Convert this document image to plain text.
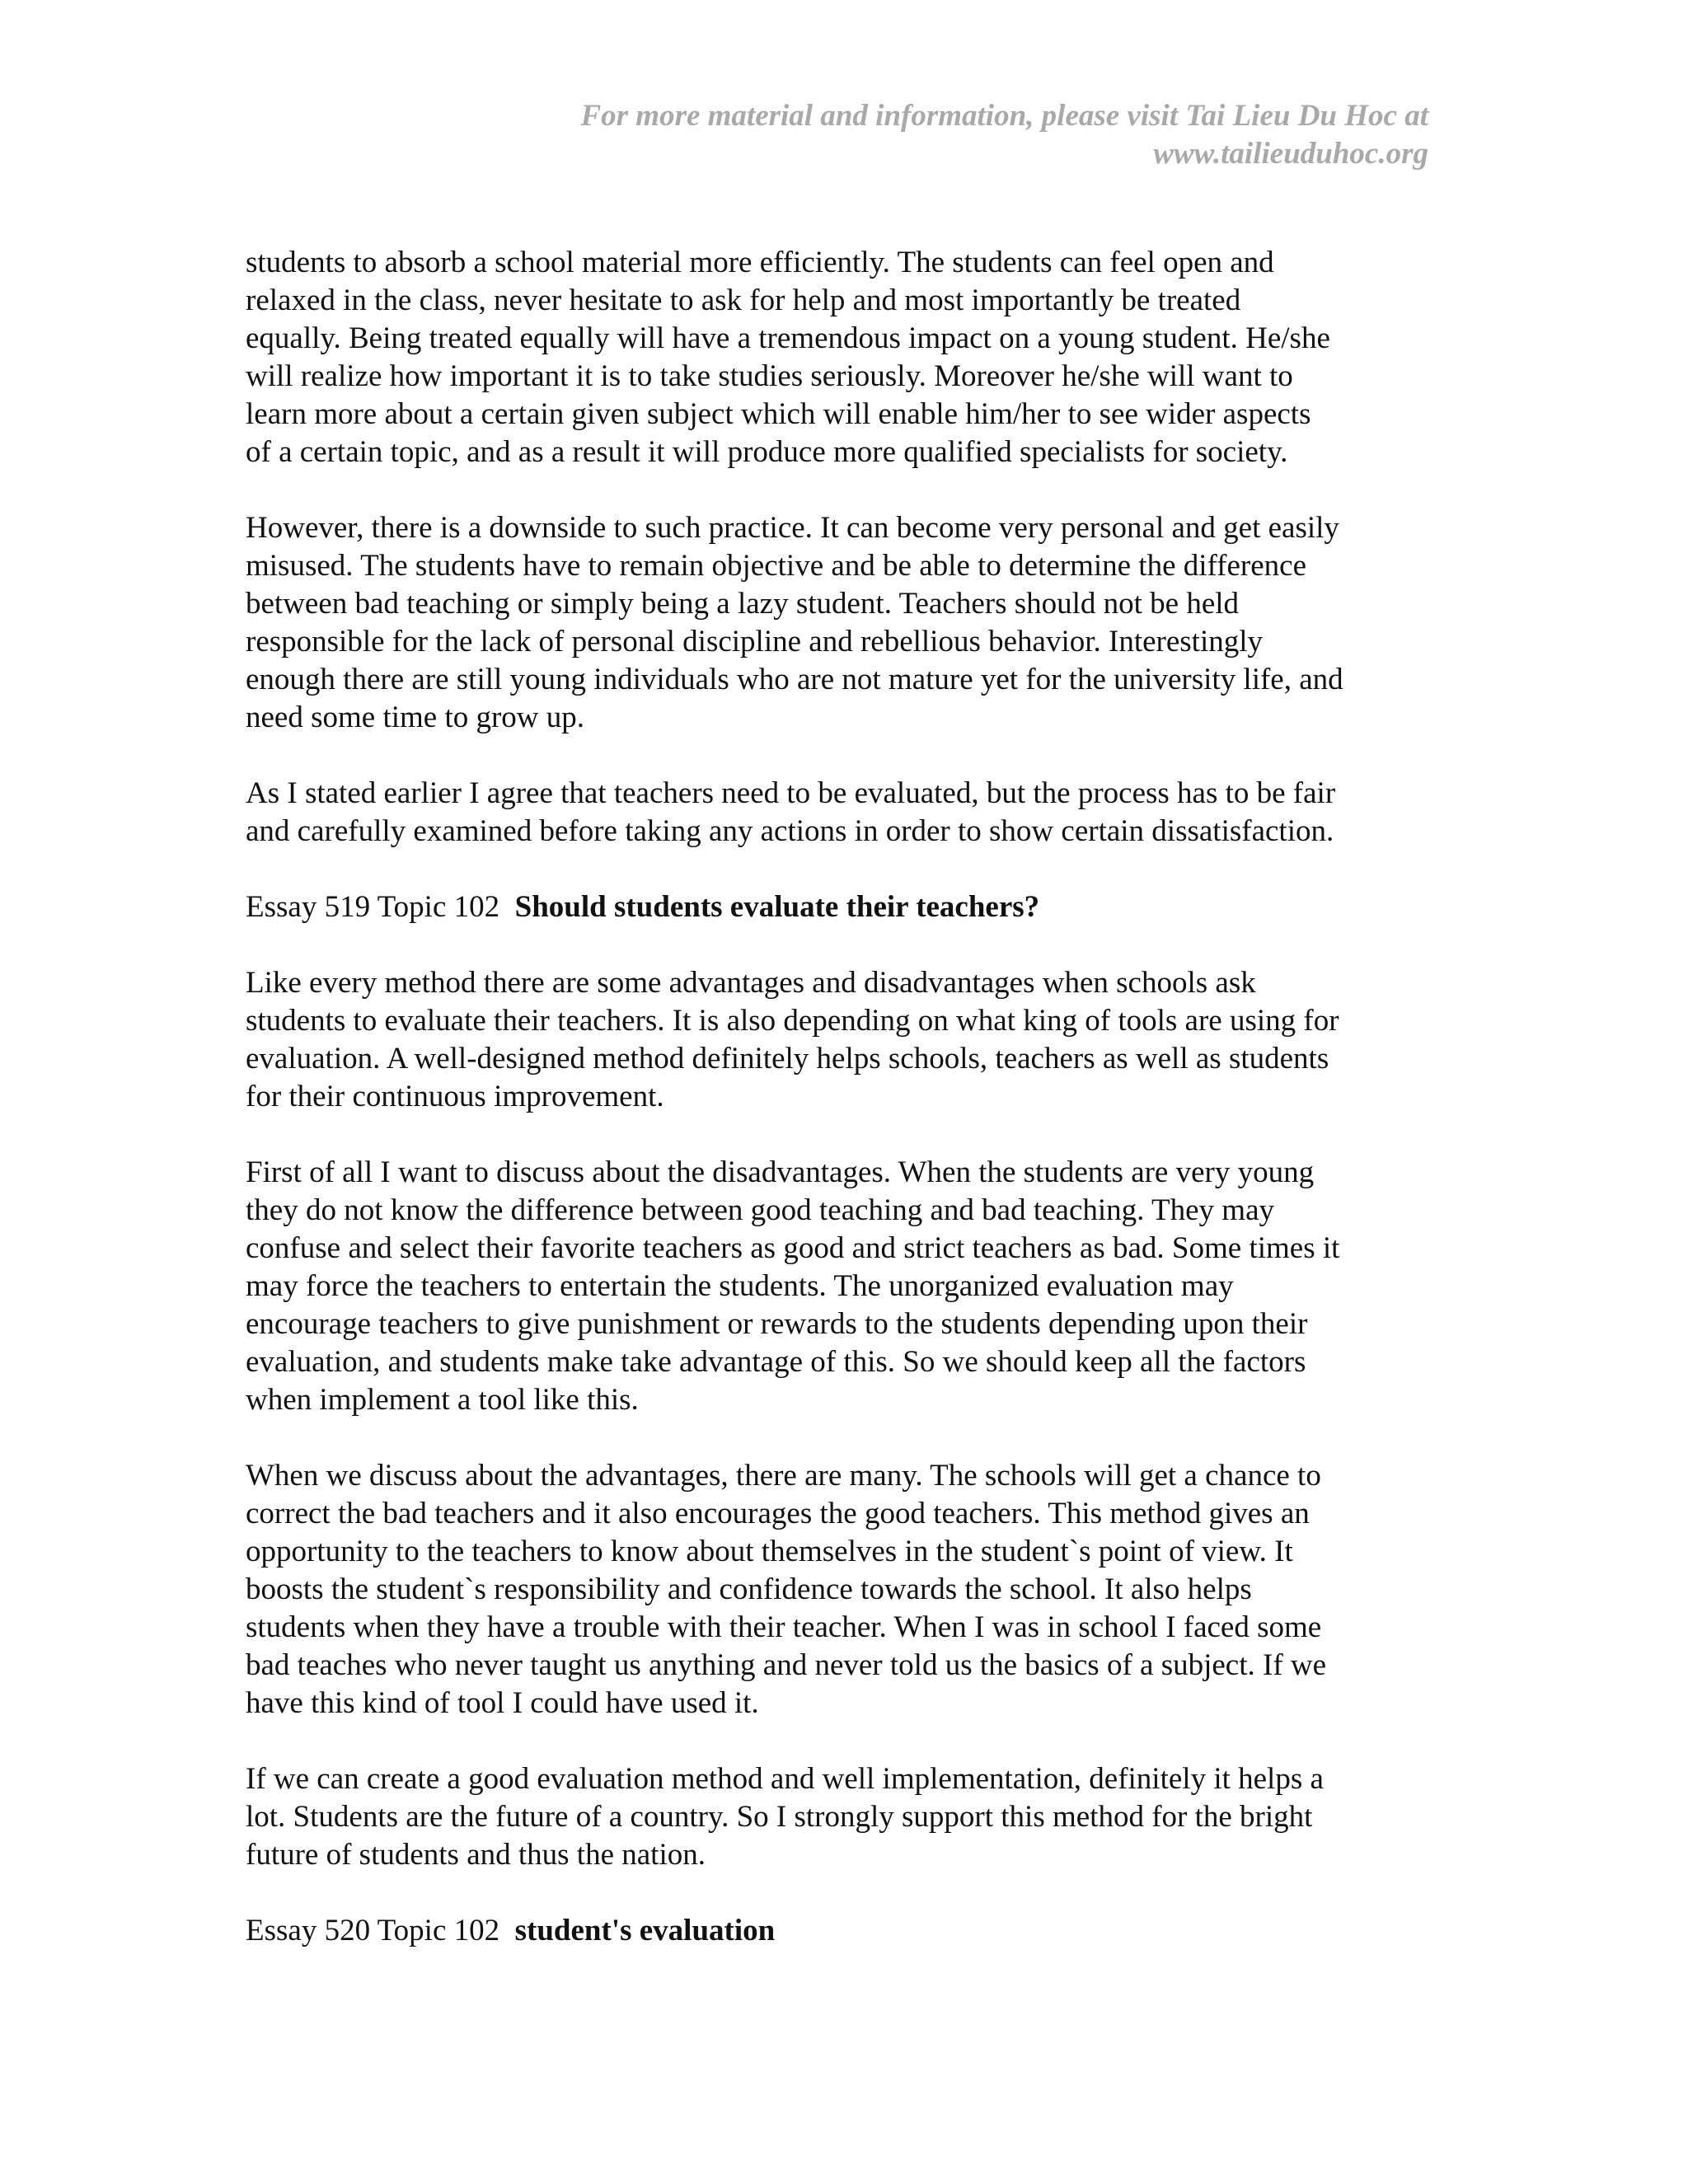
For more material and information, please visit Tai Lieu Du Hoc at
www.tailieuduhoc.org

students to absorb a school material more efficiently. The students can feel open and
relaxed in the class, never hesitate to ask for help and most importantly be treated
equally. Being treated equally will have a tremendous impact on a young student. He/she
will realize how important it is to take studies seriously. Moreover he/she will want to
learn more about a certain given subject which will enable him/her to see wider aspects
of a certain topic, and as a result it will produce more qualified specialists for society.

However, there is a downside to such practice. It can become very personal and get easily
misused. The students have to remain objective and be able to determine the difference
between bad teaching or simply being a lazy student. Teachers should not be held
responsible for the lack of personal discipline and rebellious behavior. Interestingly
enough there are still young individuals who are not mature yet for the university life, and
need some time to grow up.

As I stated earlier I agree that teachers need to be evaluated, but the process has to be fair
and carefully examined before taking any actions in order to show certain dissatisfaction.

Essay 519 Topic 102 Should students evaluate their teachers?

Like every method there are some advantages and disadvantages when schools ask
students to evaluate their teachers. It is also depending on what king of tools are using for
evaluation. A well-designed method definitely helps schools, teachers as well as students
for their continuous improvement.

First of all I want to discuss about the disadvantages. When the students are very young
they do not know the difference between good teaching and bad teaching. They may
confuse and select their favorite teachers as good and strict teachers as bad. Some times it
may force the teachers to entertain the students. The unorganized evaluation may
encourage teachers to give punishment or rewards to the students depending upon their
evaluation, and students make take advantage of this. So we should keep all the factors
when implement a tool like this.

When we discuss about the advantages, there are many. The schools will get a chance to
correct the bad teachers and it also encourages the good teachers. This method gives an
opportunity to the teachers to know about themselves in the student`s point of view. It
boosts the student`s responsibility and confidence towards the school. It also helps
students when they have a trouble with their teacher. When I was in school I faced some
bad teaches who never taught us anything and never told us the basics of a subject. If we
have this kind of tool I could have used it.

If we can create a good evaluation method and well implementation, definitely it helps a
lot. Students are the future of a country. So I strongly support this method for the bright
future of students and thus the nation.

Essay 520 Topic 102 student's evaluation
